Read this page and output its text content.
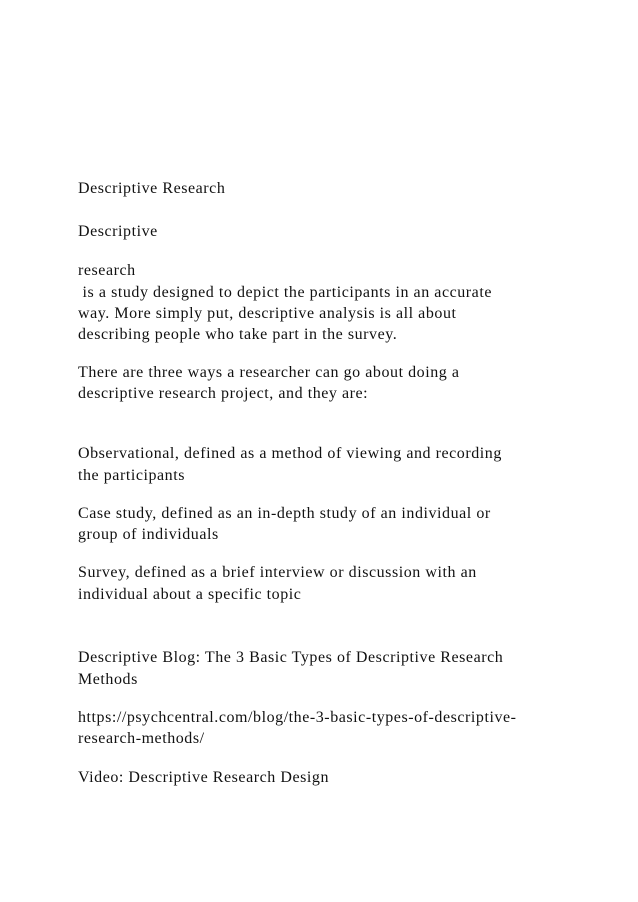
Descriptive Research

Descriptive

research

is a study designed to depict the participants in an accurate

way. More simply put, descriptive analysis is all about

describing people who take part in the survey.

There are three ways a researcher can go about doing a

descriptive research project, and they are:

Observational, defined as a method of viewing and recording

the participants

Case study, defined as an in-depth study of an individual or

group of individuals

Survey, defined as a brief interview or discussion with an

individual about a specific topic

Descriptive Blog: The 3 Basic Types of Descriptive Research

Methods

https://psychcentral.com/blog/the-3-basic-types-of-descriptive-

research-methods/

Video: Descriptive Research Design
